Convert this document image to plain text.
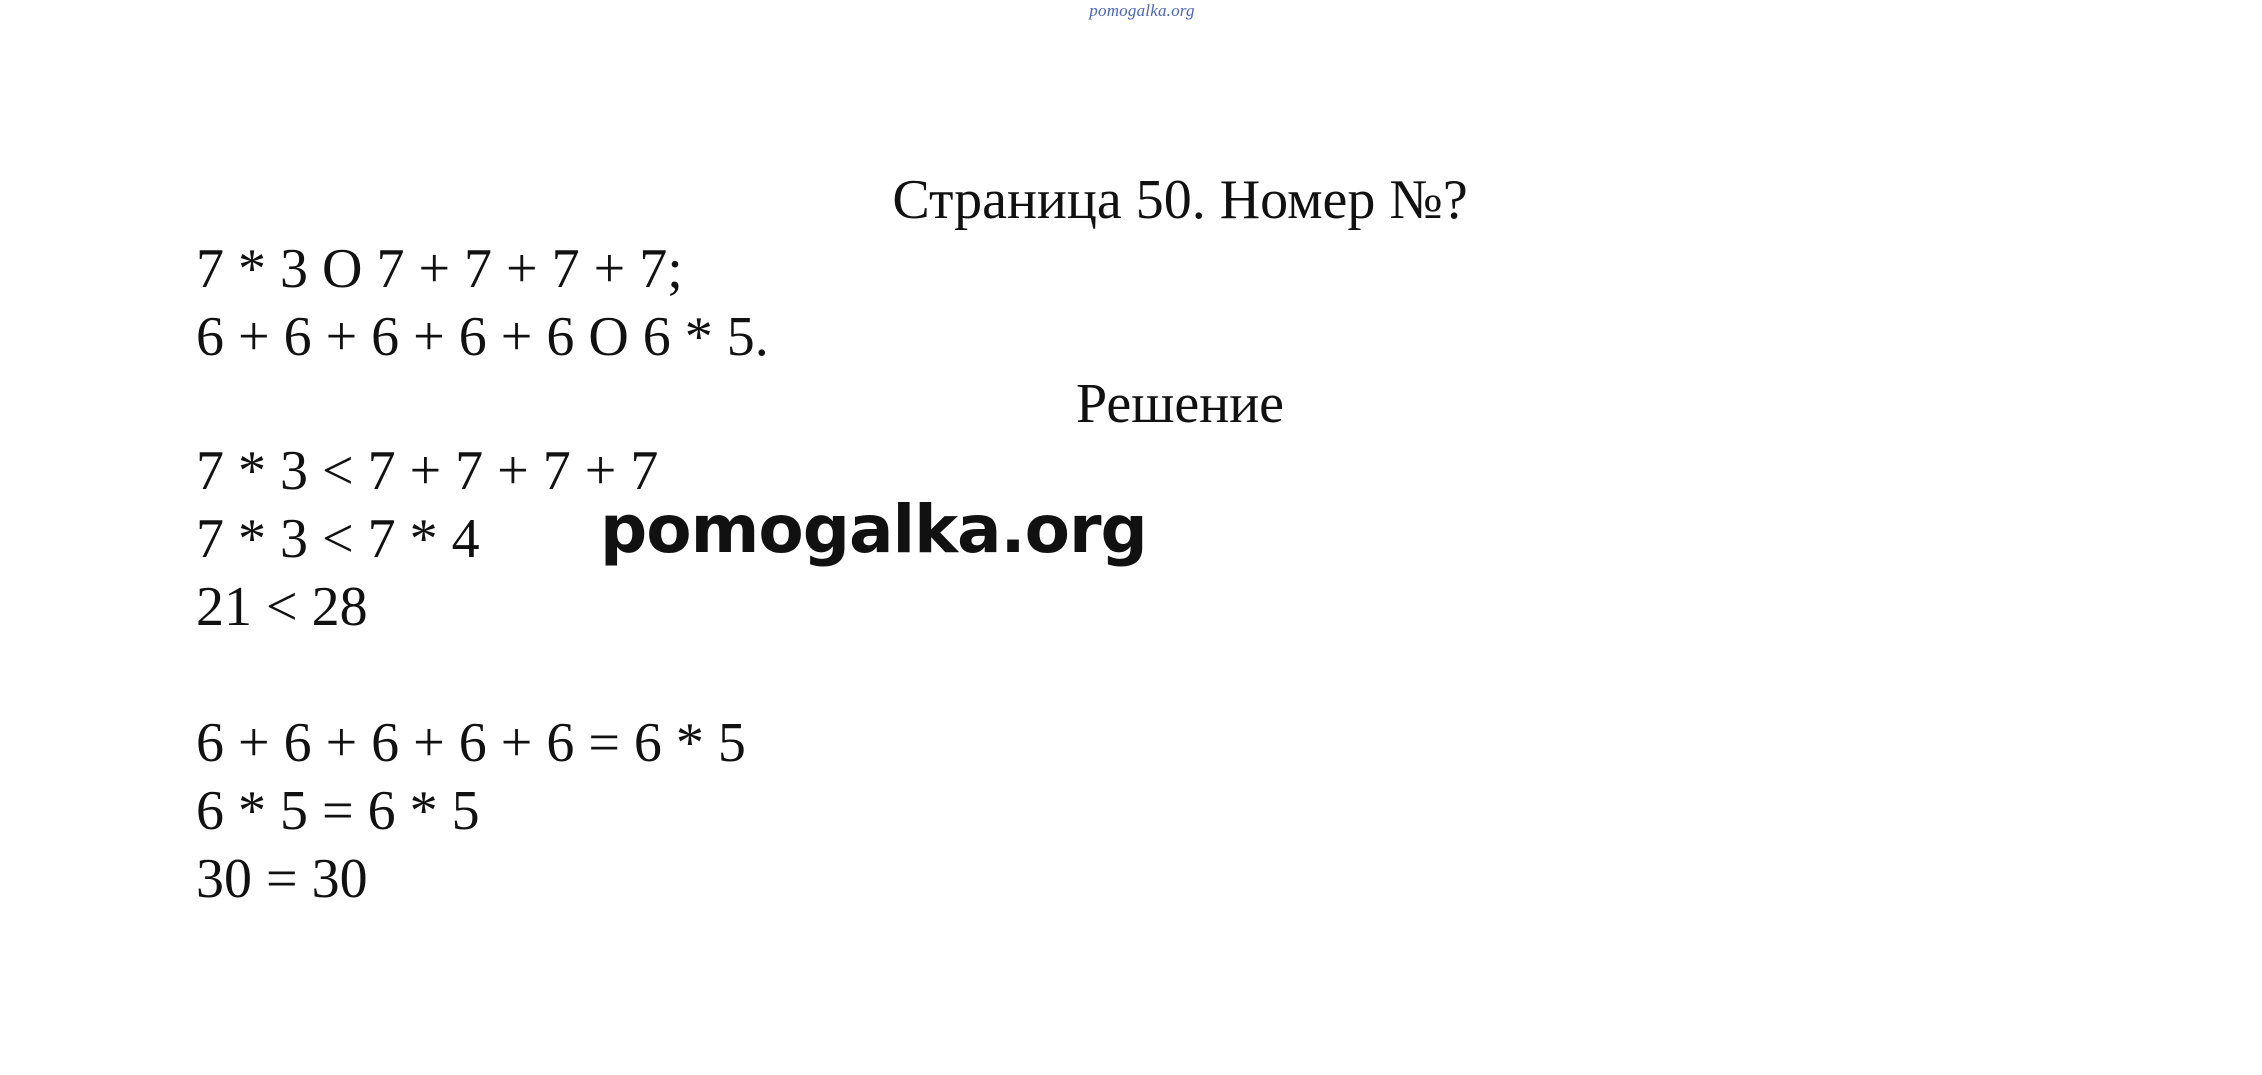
pomogalka.org
Страница 50. Номер №?
7 * 3 O 7 + 7 + 7 + 7;
6 + 6 + 6 + 6 + 6 O 6 * 5.
Решение
7 * 3 < 7 + 7 + 7 + 7
7 * 3 < 7 * 4
21 < 28
6 + 6 + 6 + 6 + 6 = 6 * 5
6 * 5 = 6 * 5
30 = 30
pomogalka.org
